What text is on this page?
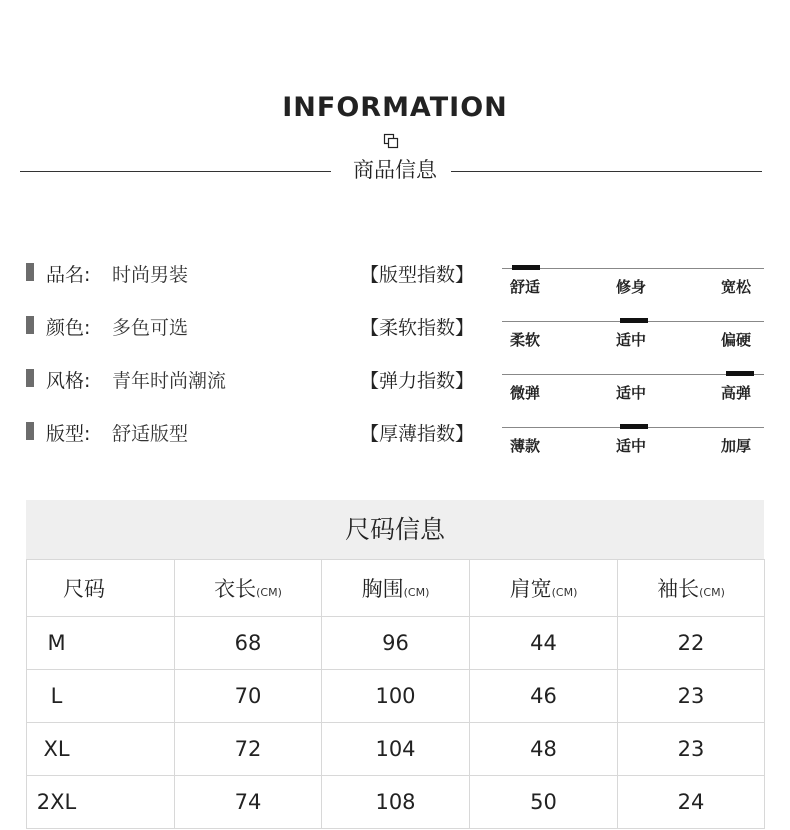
INFORMATION
商品信息
品名: 时尚男装
颜色: 多色可选
风格: 青年时尚潮流
版型: 舒适版型
【版型指数】
【柔软指数】
【弹力指数】
【厚薄指数】
舒适	修身	宽松
柔软	适中	偏硬
微弹	适中	高弹
薄款	适中	加厚
尺码信息
尺码	衣长(CM)	胸围(CM)	肩宽(CM)	袖长(CM)
M	68	96	44	22
L	70	100	46	23
XL	72	104	48	23
2XL	74	108	50	24
